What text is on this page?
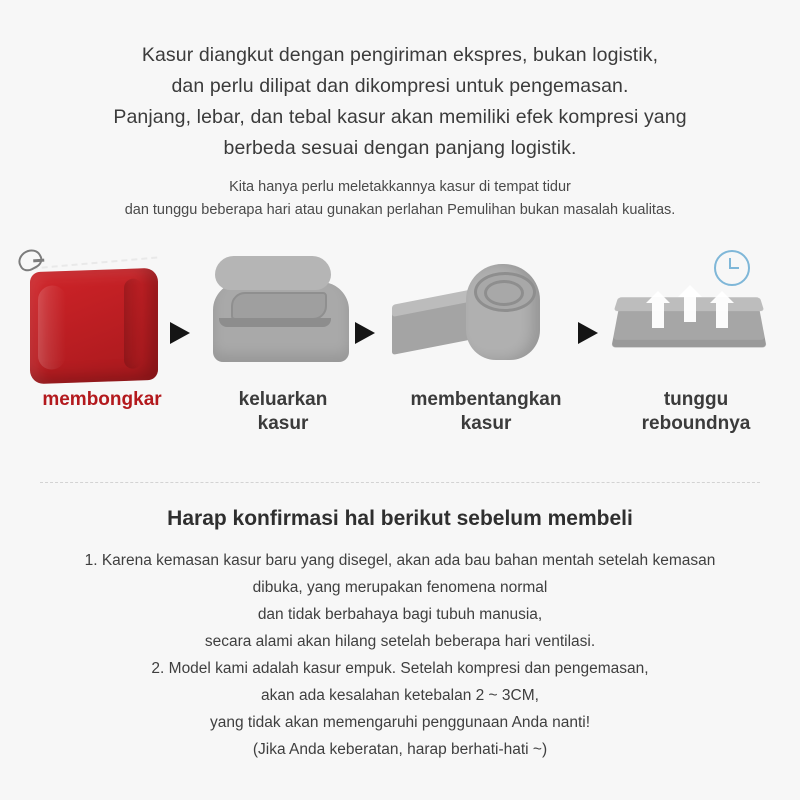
Kasur diangkut dengan pengiriman ekspres, bukan logistik,
dan perlu dilipat dan dikompresi untuk pengemasan.
Panjang, lebar, dan tebal kasur akan memiliki efek kompresi yang
berbeda sesuai dengan panjang logistik.
Kita hanya perlu meletakkannya kasur di tempat tidur
dan tunggu beberapa hari atau gunakan perlahan Pemulihan bukan masalah kualitas.
membongkar	keluarkan
kasur
membentangkan
kasur
tunggu
reboundnya
Harap konfirmasi hal berikut sebelum membeli
1. Karena kemasan kasur baru yang disegel, akan ada bau bahan mentah setelah kemasan
dibuka, yang merupakan fenomena normal
dan tidak berbahaya bagi tubuh manusia,
secara alami akan hilang setelah beberapa hari ventilasi.
2. Model kami adalah kasur empuk. Setelah kompresi dan pengemasan,
akan ada kesalahan ketebalan 2 ~ 3CM,
yang tidak akan memengaruhi penggunaan Anda nanti!
(Jika Anda keberatan, harap berhati-hati ~)
